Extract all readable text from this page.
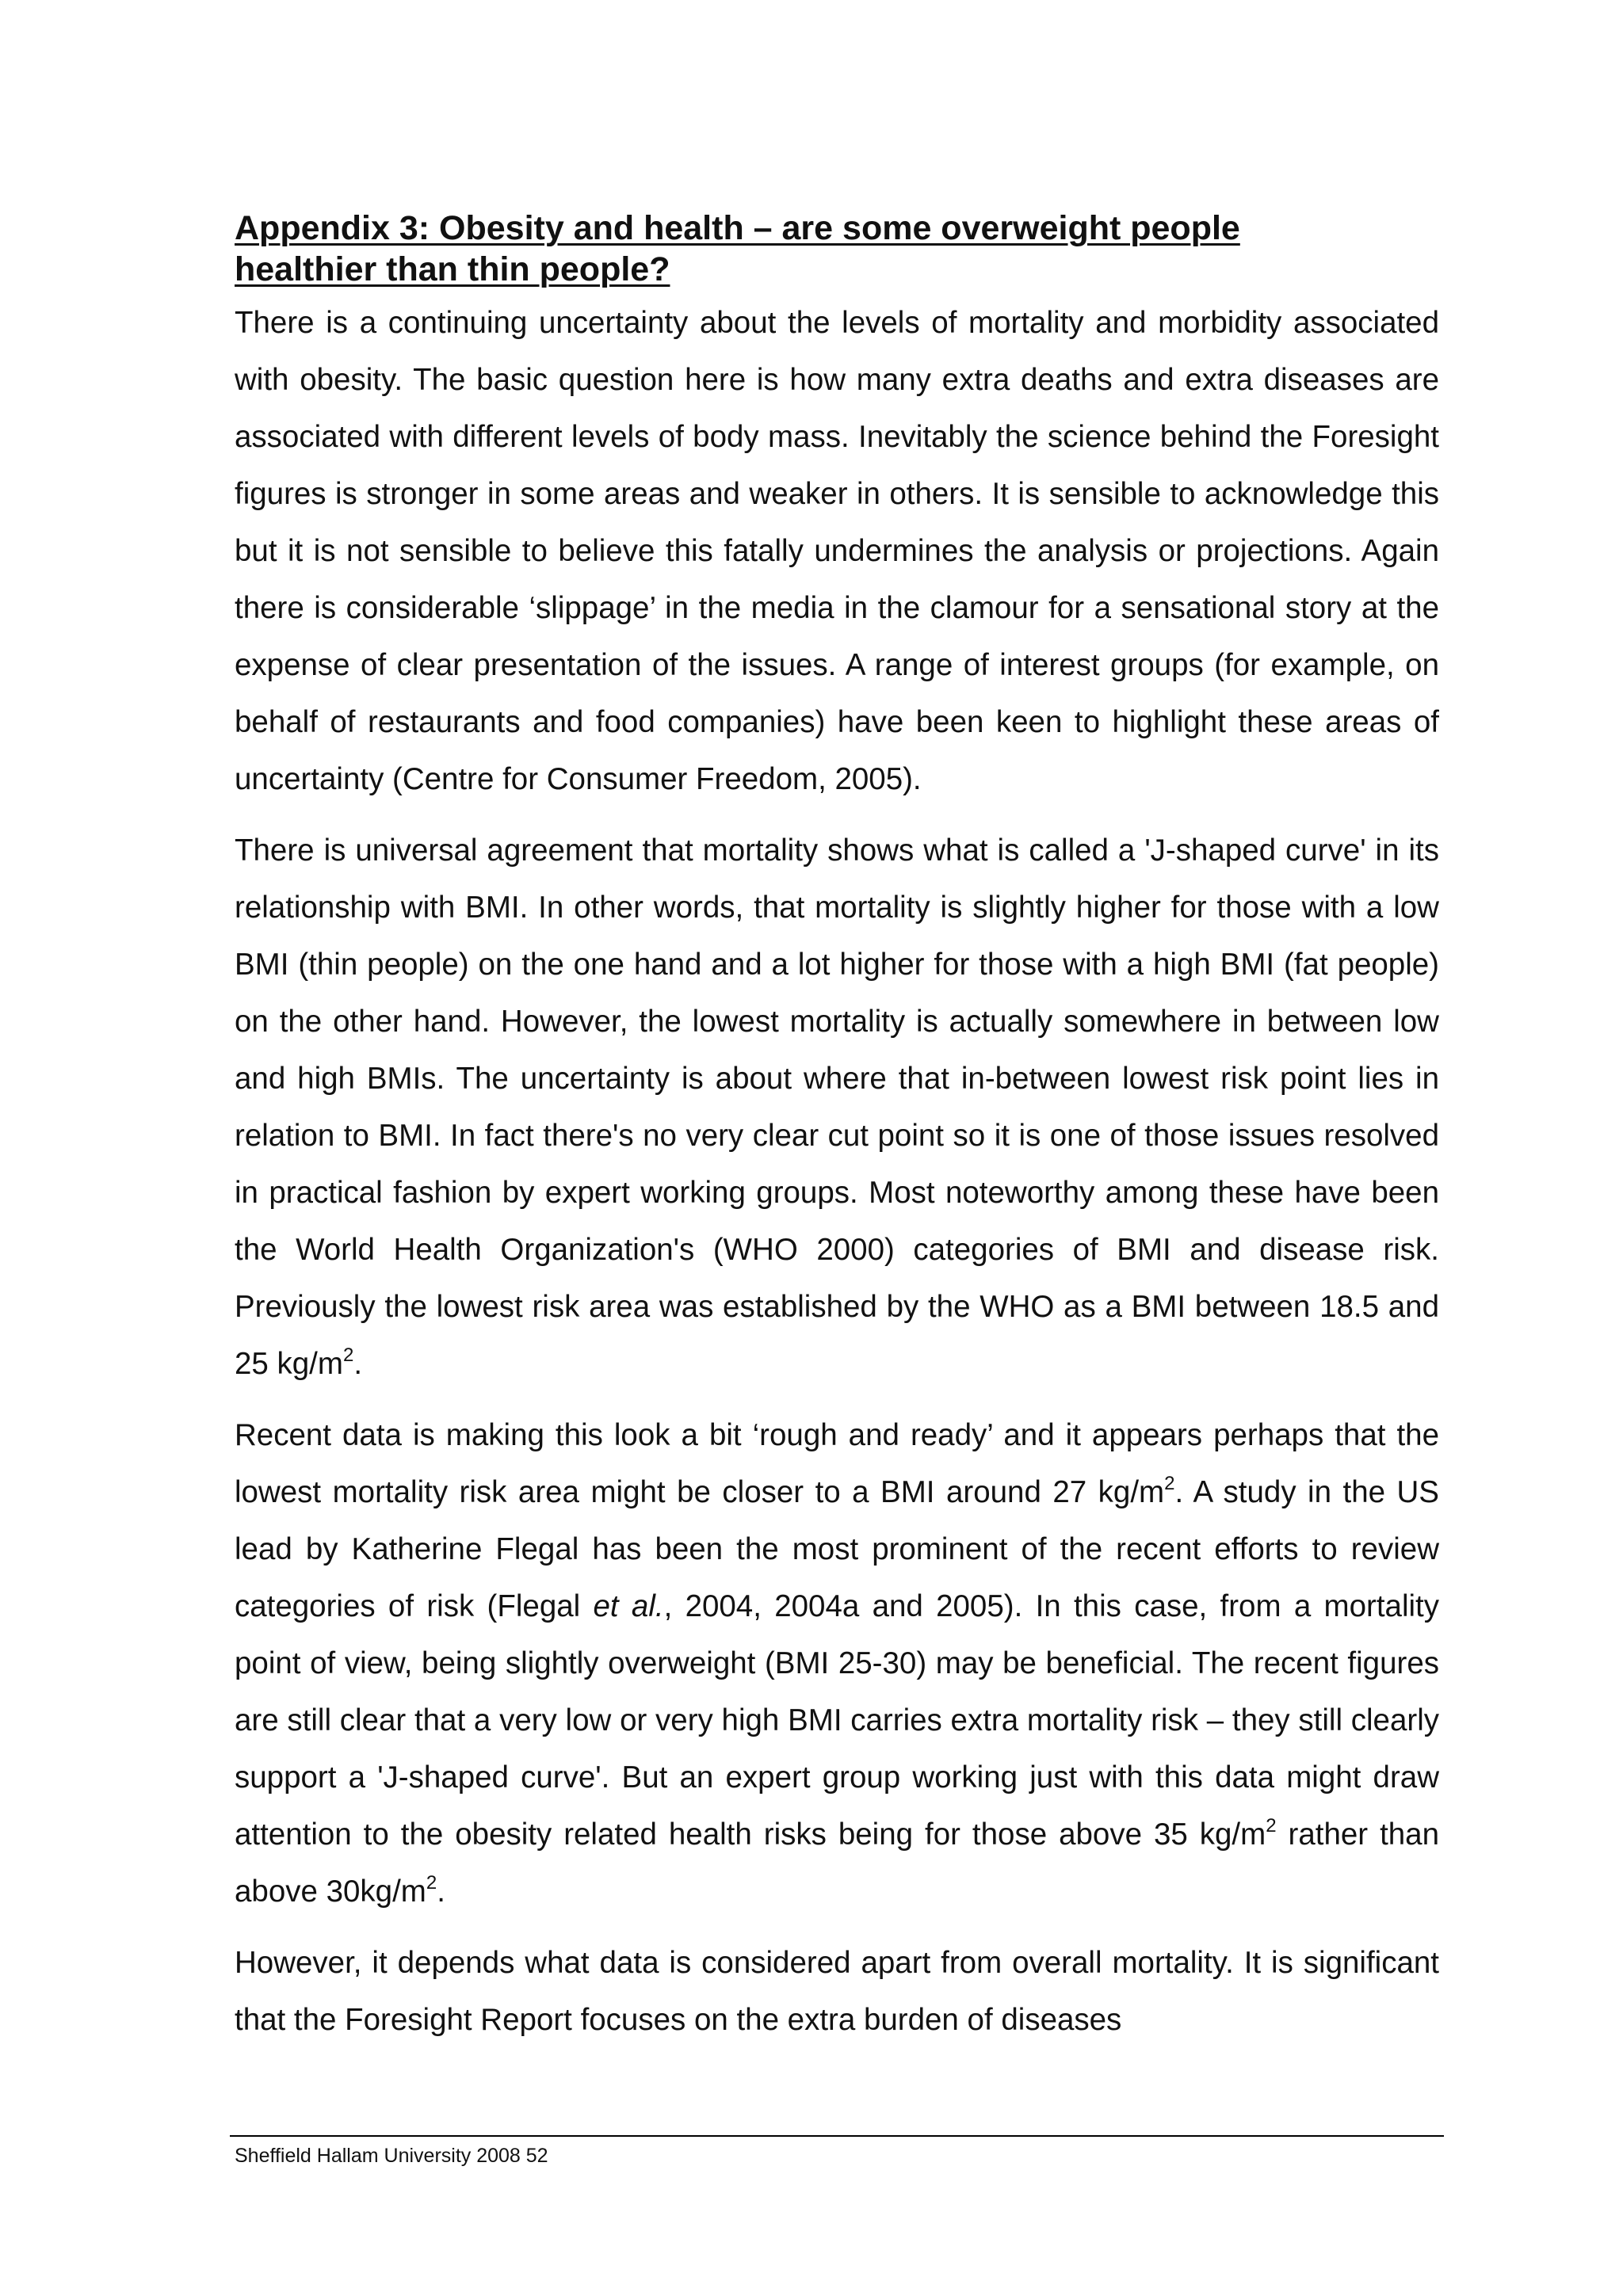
Appendix 3: Obesity and health – are some overweight people
healthier than thin people?

There is a continuing uncertainty about the levels of mortality and morbidity associated with obesity. The basic question here is how many extra deaths and extra diseases are associated with different levels of body mass. Inevitably the science behind the Foresight figures is stronger in some areas and weaker in others. It is sensible to acknowledge this but it is not sensible to believe this fatally undermines the analysis or projections. Again there is considerable ‘slippage’ in the media in the clamour for a sensational story at the expense of clear presentation of the issues. A range of interest groups (for example, on behalf of restaurants and food companies) have been keen to highlight these areas of uncertainty (Centre for Consumer Freedom, 2005).

There is universal agreement that mortality shows what is called a 'J-shaped curve' in its relationship with BMI. In other words, that mortality is slightly higher for those with a low BMI (thin people) on the one hand and a lot higher for those with a high BMI (fat people) on the other hand. However, the lowest mortality is actually somewhere in between low and high BMIs. The uncertainty is about where that in-between lowest risk point lies in relation to BMI. In fact there's no very clear cut point so it is one of those issues resolved in practical fashion by expert working groups. Most noteworthy among these have been the World Health Organization's (WHO 2000) categories of BMI and disease risk. Previously the lowest risk area was established by the WHO as a BMI between 18.5 and 25 $kg/m^2$.

Recent data is making this look a bit ‘rough and ready’ and it appears perhaps that the lowest mortality risk area might be closer to a BMI around 27 $kg/m^2$. A study in the US lead by Katherine Flegal has been the most prominent of the recent efforts to review categories of risk (Flegal et al., 2004, 2004a and 2005). In this case, from a mortality point of view, being slightly overweight (BMI 25-30) may be beneficial. The recent figures are still clear that a very low or very high BMI carries extra mortality risk – they still clearly support a 'J-shaped curve'. But an expert group working just with this data might draw attention to the obesity related health risks being for those above 35 $kg/m^2$ rather than above $30kg/m^2$.

However, it depends what data is considered apart from overall mortality. It is significant that the Foresight Report focuses on the extra burden of diseases

Sheffield Hallam University 2008 52
